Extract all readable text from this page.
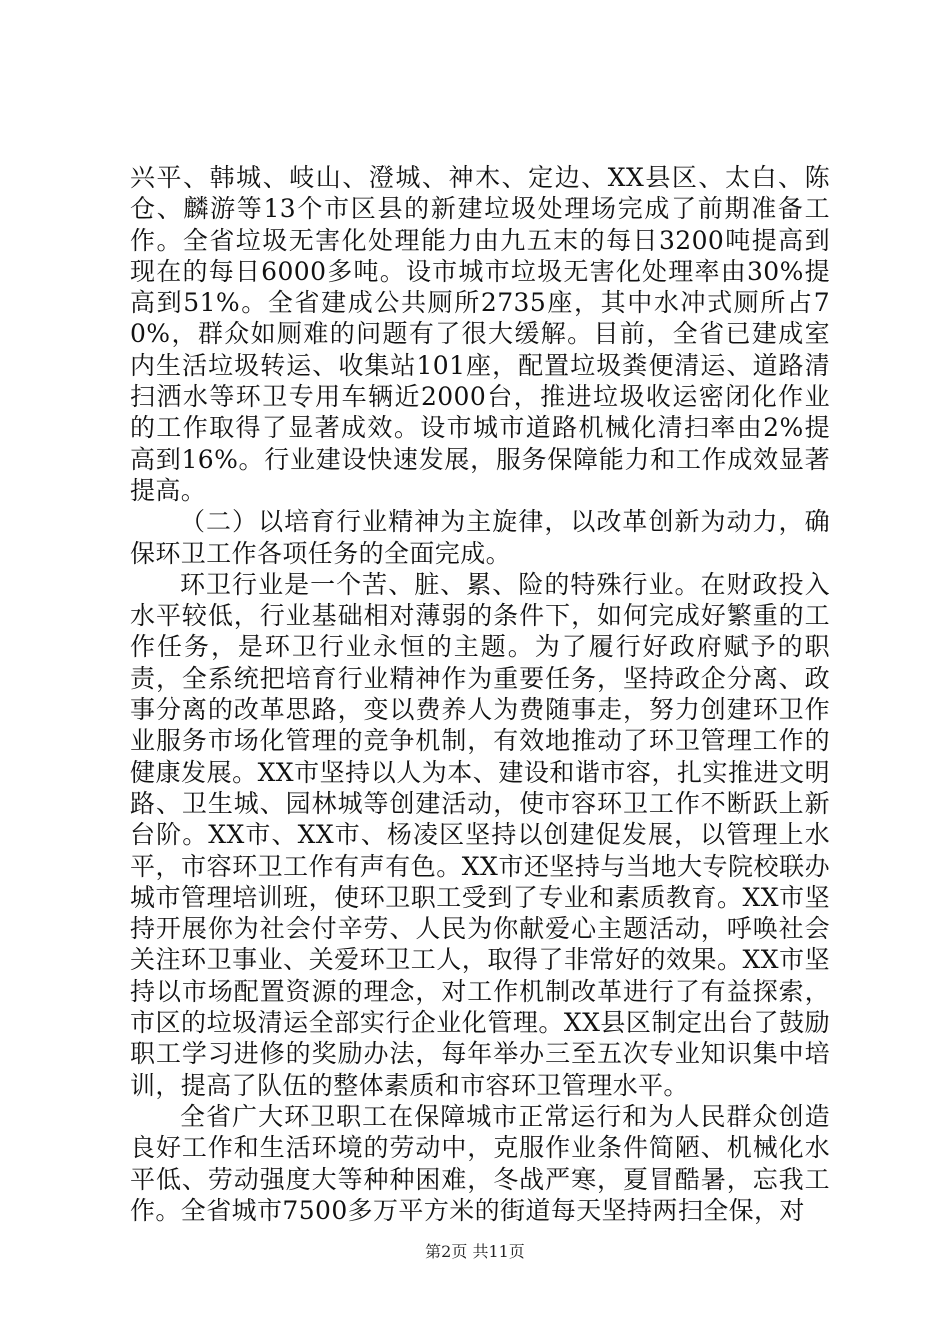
兴平、韩城、岐山、澄城、神木、定边、XX县区、太白、陈仓、麟游等13个市区县的新建垃圾处理场完成了前期准备工作。全省垃圾无害化处理能力由九五末的每日3200吨提高到现在的每日6000多吨。设市城市垃圾无害化处理率由30%提高到51%。全省建成公共厕所2735座，其中水冲式厕所占70%，群众如厕难的问题有了很大缓解。目前，全省已建成室内生活垃圾转运、收集站101座，配置垃圾粪便清运、道路清扫洒水等环卫专用车辆近2000台，推进垃圾收运密闭化作业的工作取得了显著成效。设市城市道路机械化清扫率由2%提高到16%。行业建设快速发展，服务保障能力和工作成效显著提高。

（二）以培育行业精神为主旋律，以改革创新为动力，确保环卫工作各项任务的全面完成。

环卫行业是一个苦、脏、累、险的特殊行业。在财政投入水平较低，行业基础相对薄弱的条件下，如何完成好繁重的工作任务，是环卫行业永恒的主题。为了履行好政府赋予的职责，全系统把培育行业精神作为重要任务，坚持政企分离、政事分离的改革思路，变以费养人为费随事走，努力创建环卫作业服务市场化管理的竞争机制，有效地推动了环卫管理工作的健康发展。XX市坚持以人为本、建设和谐市容，扎实推进文明路、卫生城、园林城等创建活动，使市容环卫工作不断跃上新台阶。XX市、XX市、杨凌区坚持以创建促发展，以管理上水平，市容环卫工作有声有色。XX市还坚持与当地大专院校联办城市管理培训班，使环卫职工受到了专业和素质教育。XX市坚持开展你为社会付辛劳、人民为你献爱心主题活动，呼唤社会关注环卫事业、关爱环卫工人，取得了非常好的效果。XX市坚持以市场配置资源的理念，对工作机制改革进行了有益探索，市区的垃圾清运全部实行企业化管理。XX县区制定出台了鼓励职工学习进修的奖励办法，每年举办三至五次专业知识集中培训，提高了队伍的整体素质和市容环卫管理水平。

全省广大环卫职工在保障城市正常运行和为人民群众创造良好工作和生活环境的劳动中，克服作业条件简陋、机械化水平低、劳动强度大等种种困难，冬战严寒，夏冒酷暑，忘我工作。全省城市7500多万平方米的街道每天坚持两扫全保，对

第2页 共11页
